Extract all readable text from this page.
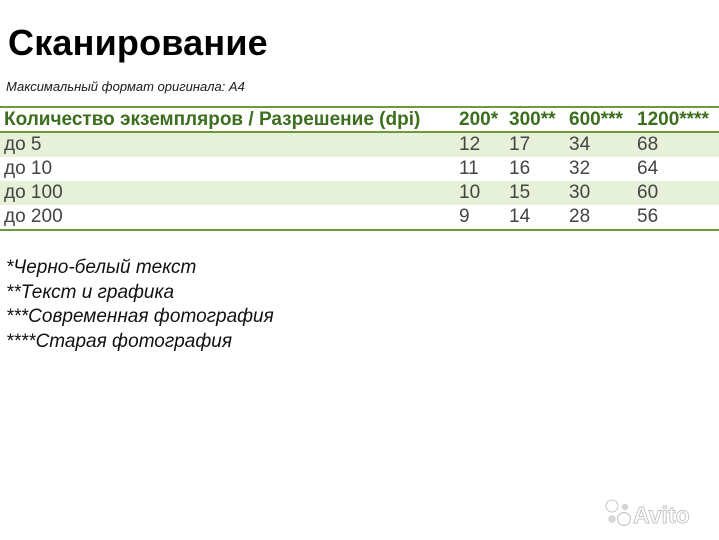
Сканирование
Максимальный формат оригинала: А4
Количество экземпляров / Разрешение (dpi)	200*	300**	600***	1200****
до 5	12	17	34	68
до 10	11	16	32	64
до 100	10	15	30	60
до 200	9	14	28	56
*Черно-белый текст
**Текст и графика
***Современная фотография
****Старая фотография
Avito
